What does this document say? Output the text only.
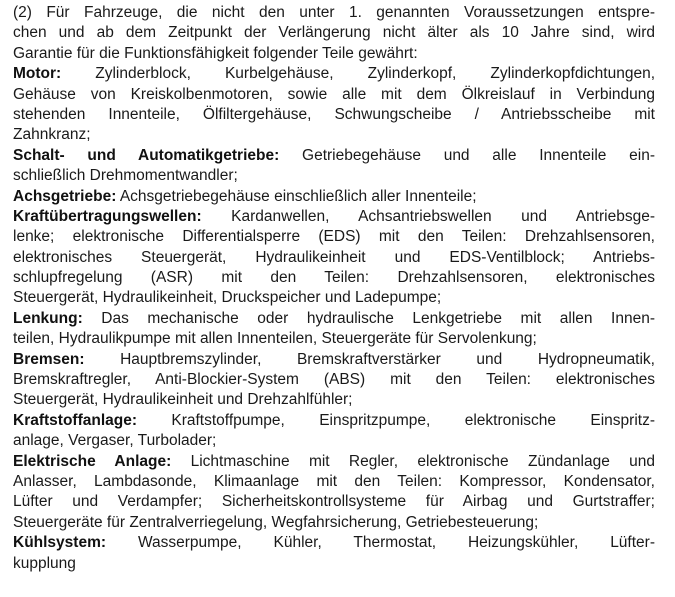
(2) Für Fahrzeuge, die nicht den unter 1. genannten Voraussetzungen entspre-
chen und ab dem Zeitpunkt der Verlängerung nicht älter als 10 Jahre sind, wird
Garantie für die Funktionsfähigkeit folgender Teile gewährt:
Motor: Zylinderblock, Kurbelgehäuse, Zylinderkopf, Zylinderkopfdichtungen,
Gehäuse von Kreiskolbenmotoren, sowie alle mit dem Ölkreislauf in Verbindung
stehenden Innenteile, Ölfiltergehäuse, Schwungscheibe / Antriebsscheibe mit
Zahnkranz;
Schalt- und Automatikgetriebe: Getriebegehäuse und alle Innenteile ein-
schließlich Drehmomentwandler;
Achsgetriebe: Achsgetriebegehäuse einschließlich aller Innenteile;
Kraftübertragungswellen: Kardanwellen, Achsantriebswellen und Antriebsge-
lenke; elektronische Differentialsperre (EDS) mit den Teilen: Drehzahlsensoren,
elektronisches Steuergerät, Hydraulikeinheit und EDS-Ventilblock; Antriebs-
schlupfregelung (ASR) mit den Teilen: Drehzahlsensoren, elektronisches
Steuergerät, Hydraulikeinheit, Druckspeicher und Ladepumpe;
Lenkung: Das mechanische oder hydraulische Lenkgetriebe mit allen Innen-
teilen, Hydraulikpumpe mit allen Innenteilen, Steuergeräte für Servolenkung;
Bremsen: Hauptbremszylinder, Bremskraftverstärker und Hydropneumatik,
Bremskraftregler, Anti-Blockier-System (ABS) mit den Teilen: elektronisches
Steuergerät, Hydraulikeinheit und Drehzahlfühler;
Kraftstoffanlage: Kraftstoffpumpe, Einspritzpumpe, elektronische Einspritz-
anlage, Vergaser, Turbolader;
Elektrische Anlage: Lichtmaschine mit Regler, elektronische Zündanlage und
Anlasser, Lambdasonde, Klimaanlage mit den Teilen: Kompressor, Kondensator,
Lüfter und Verdampfer; Sicherheitskontrollsysteme für Airbag und Gurtstraffer;
Steuergeräte für Zentralverriegelung, Wegfahrsicherung, Getriebesteuerung;
Kühlsystem: Wasserpumpe, Kühler, Thermostat, Heizungskühler, Lüfter-
kupplung
